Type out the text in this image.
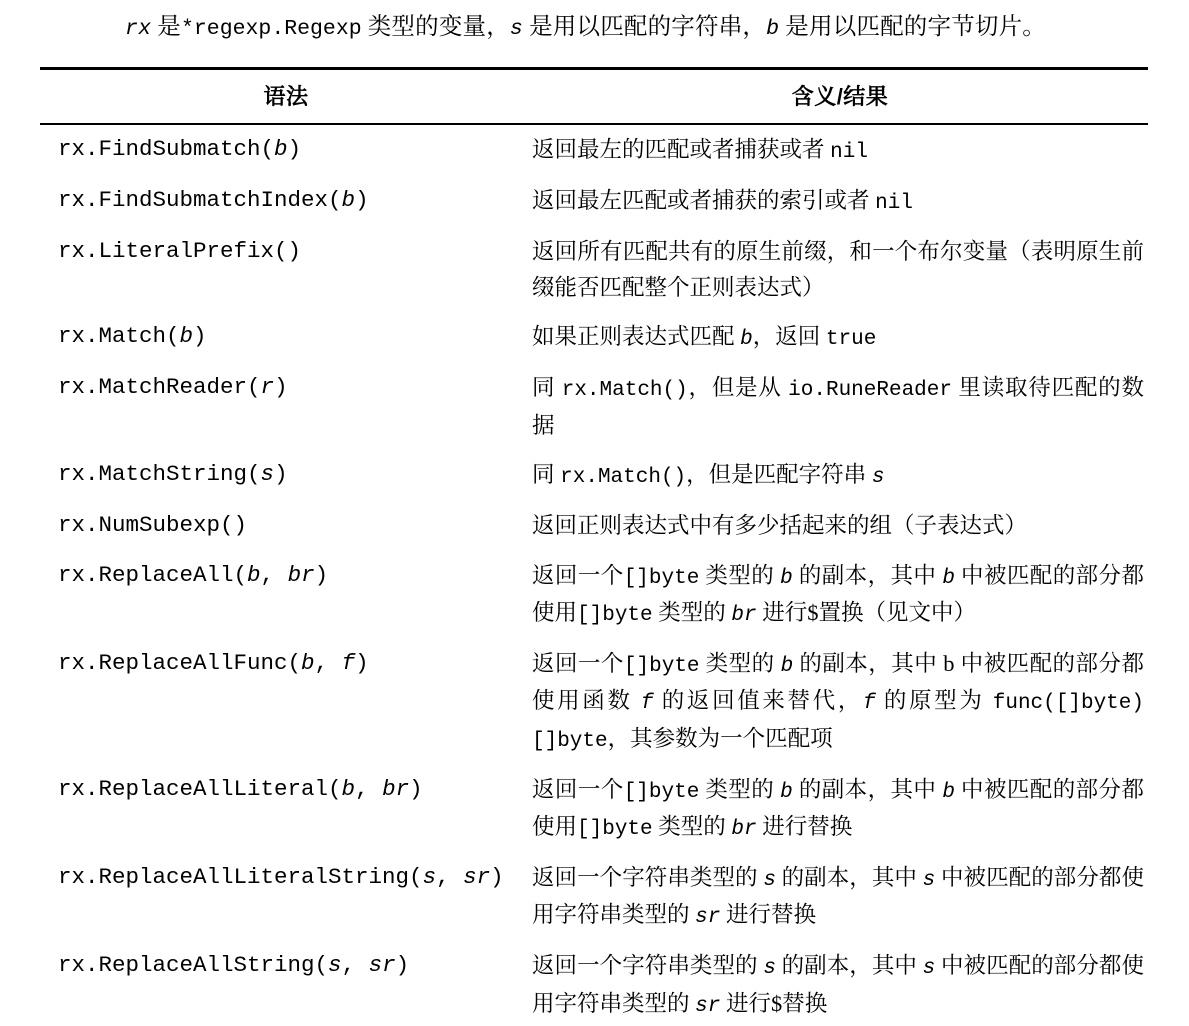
rx 是*regexp.Regexp 类型的变量，s 是用以匹配的字符串，b 是用以匹配的字节切片。

语法	含义/结果
rx.FindSubmatch(b)	返回最左的匹配或者捕获或者 nil
rx.FindSubmatchIndex(b)	返回最左匹配或者捕获的索引或者 nil
rx.LiteralPrefix()	返回所有匹配共有的原生前缀，和一个布尔变量（表明原生前缀能否匹配整个正则表达式）
rx.Match(b)	如果正则表达式匹配 b，返回 true
rx.MatchReader(r)	同 rx.Match()，但是从 io.RuneReader 里读取待匹配的数据
rx.MatchString(s)	同 rx.Match()，但是匹配字符串 s
rx.NumSubexp()	返回正则表达式中有多少括起来的组（子表达式）
rx.ReplaceAll(b, br)	返回一个[]byte 类型的 b 的副本，其中 b 中被匹配的部分都使用[]byte 类型的 br 进行$置换（见文中）
rx.ReplaceAllFunc(b, f)	返回一个[]byte 类型的 b 的副本，其中 b 中被匹配的部分都使用函数 f 的返回值来替代，f 的原型为 func([]byte)[]byte，其参数为一个匹配项
rx.ReplaceAllLiteral(b, br)	返回一个[]byte 类型的 b 的副本，其中 b 中被匹配的部分都使用[]byte 类型的 br 进行替换
rx.ReplaceAllLiteralString(s, sr)	返回一个字符串类型的 s 的副本，其中 s 中被匹配的部分都使用字符串类型的 sr 进行替换
rx.ReplaceAllString(s, sr)	返回一个字符串类型的 s 的副本，其中 s 中被匹配的部分都使用字符串类型的 sr 进行$替换
